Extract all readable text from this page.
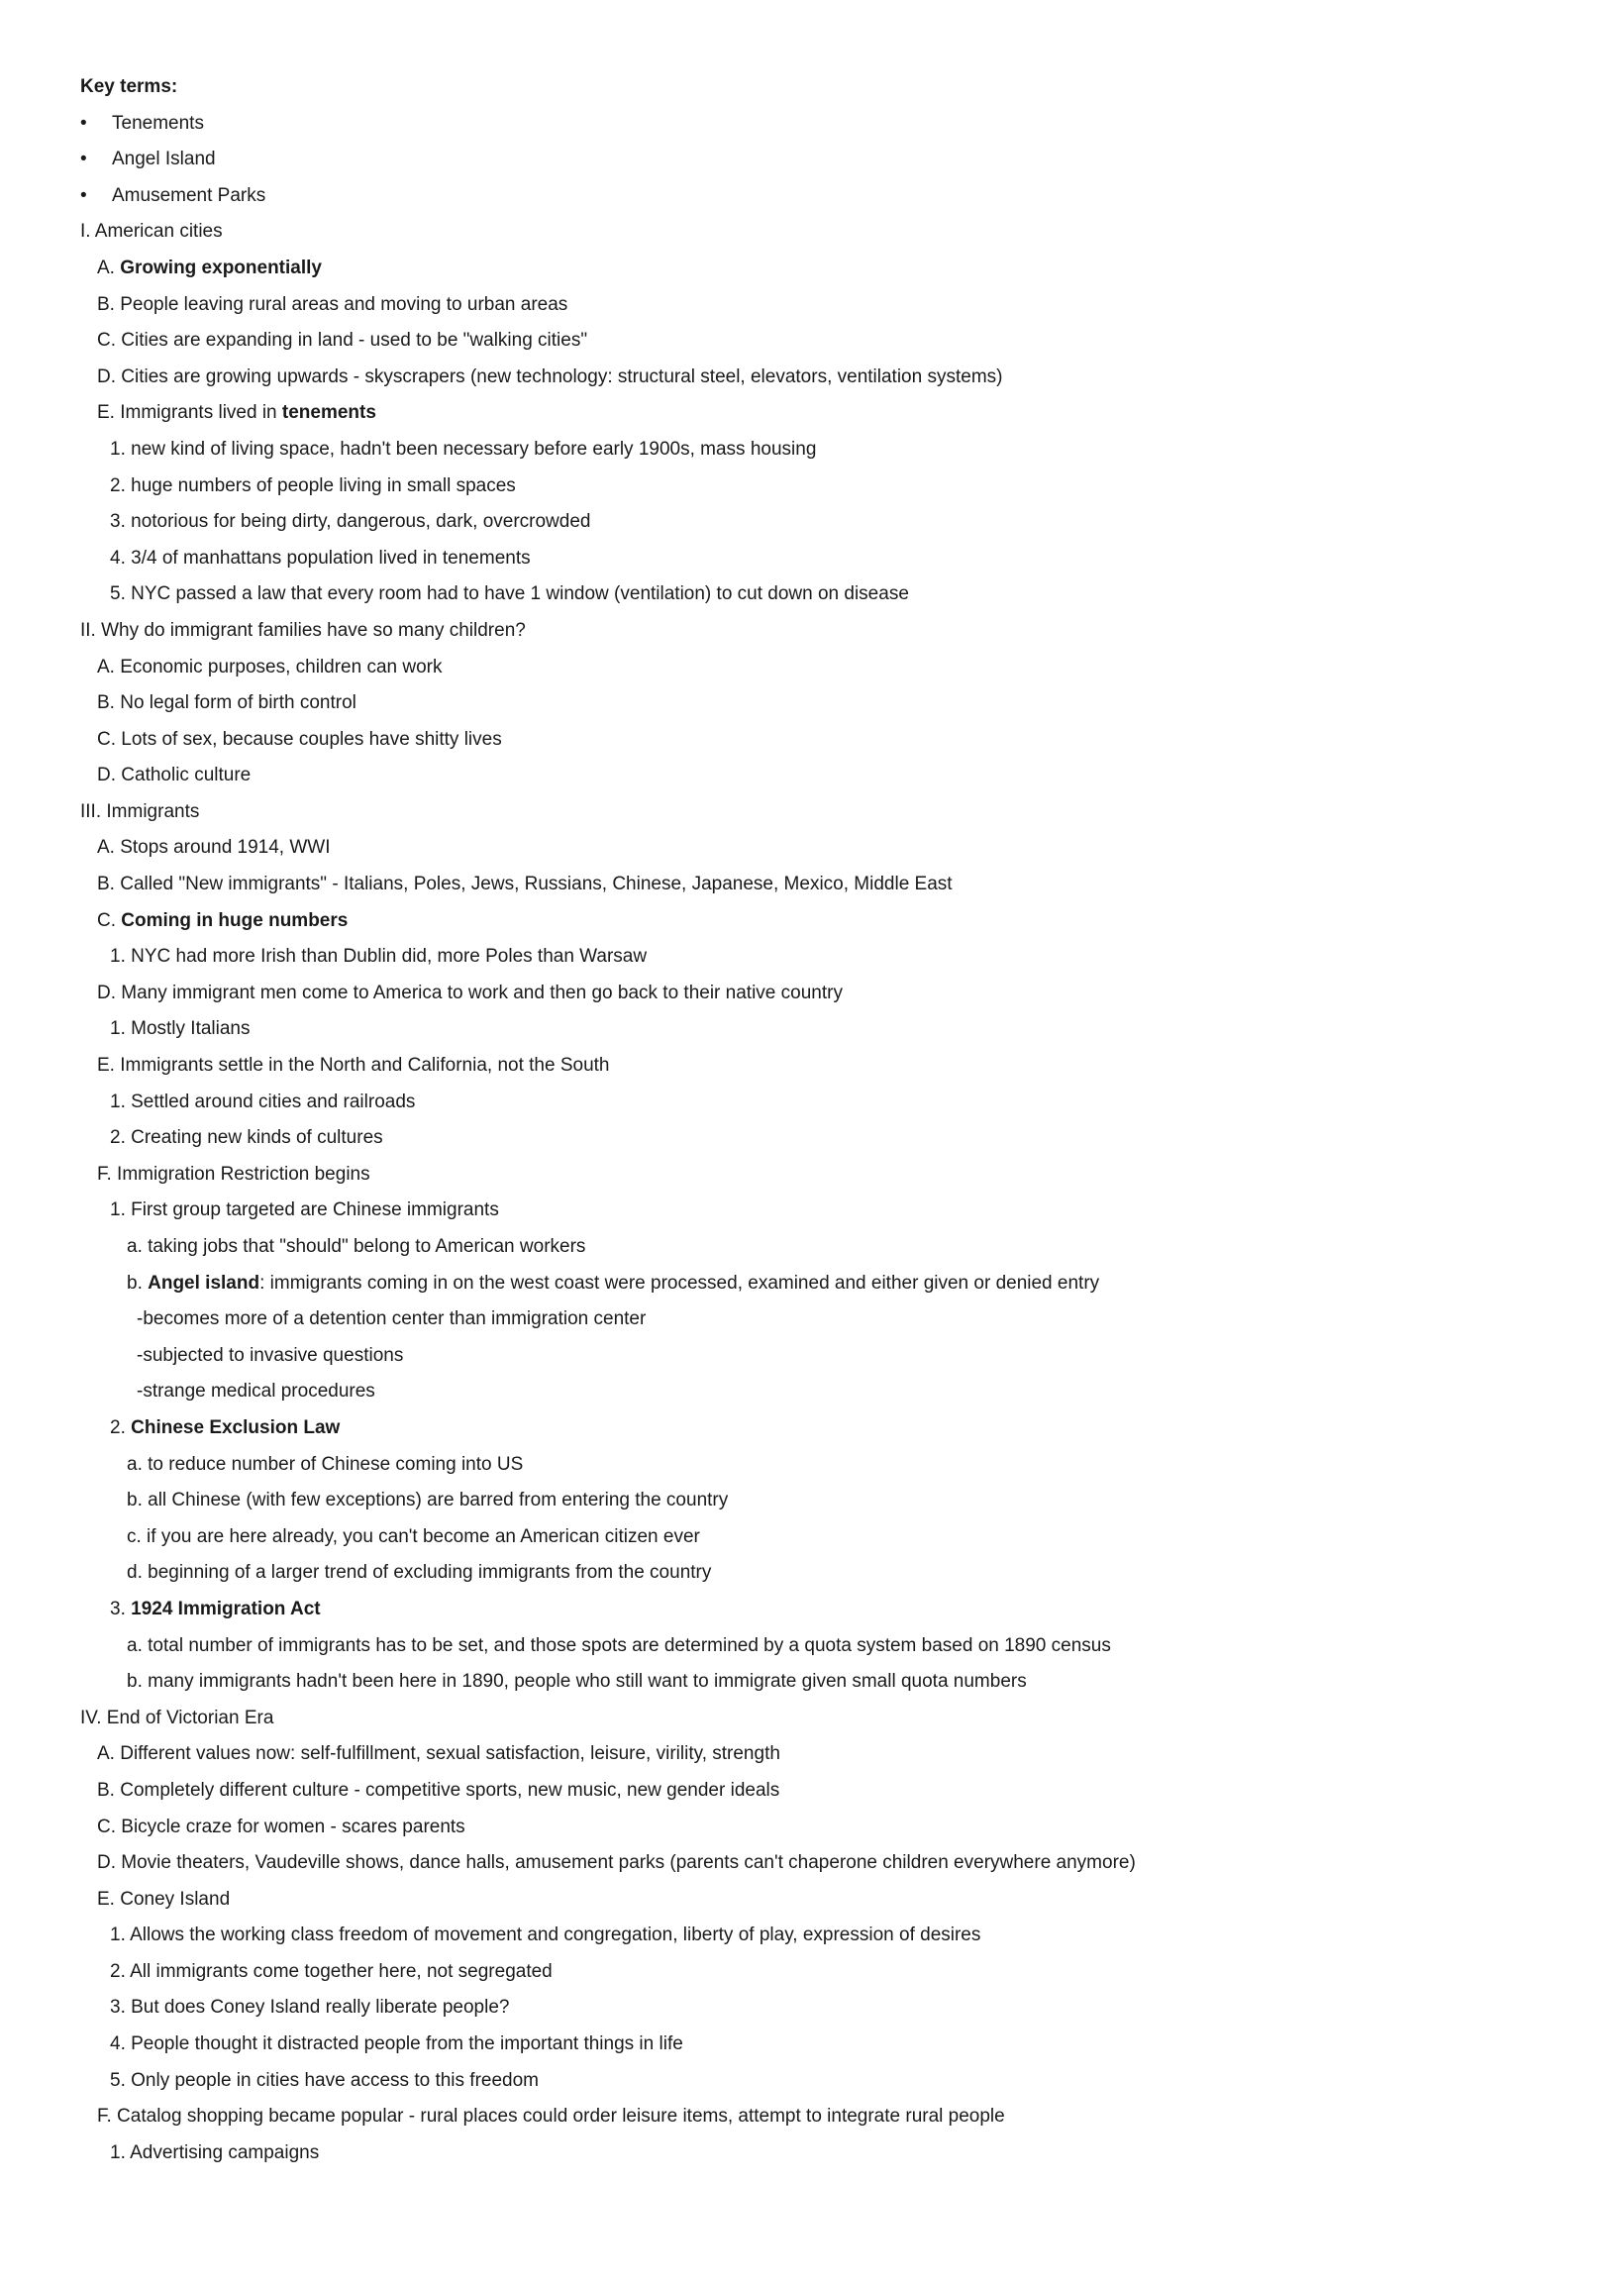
Key terms:
• Tenements
• Angel Island
• Amusement Parks
I. American cities
A. Growing exponentially
B. People leaving rural areas and moving to urban areas
C. Cities are expanding in land - used to be "walking cities"
D. Cities are growing upwards - skyscrapers (new technology: structural steel, elevators, ventilation systems)
E. Immigrants lived in tenements
1. new kind of living space, hadn't been necessary before early 1900s, mass housing
2. huge numbers of people living in small spaces
3. notorious for being dirty, dangerous, dark, overcrowded
4. 3/4 of manhattans population lived in tenements
5. NYC passed a law that every room had to have 1 window (ventilation) to cut down on disease
II. Why do immigrant families have so many children?
A. Economic purposes, children can work
B. No legal form of birth control
C. Lots of sex, because couples have shitty lives
D. Catholic culture
III. Immigrants
A. Stops around 1914, WWI
B. Called "New immigrants" - Italians, Poles, Jews, Russians, Chinese, Japanese, Mexico, Middle East
C. Coming in huge numbers
1. NYC had more Irish than Dublin did, more Poles than Warsaw
D. Many immigrant men come to America to work and then go back to their native country
1. Mostly Italians
E. Immigrants settle in the North and California, not the South
1. Settled around cities and railroads
2. Creating new kinds of cultures
F. Immigration Restriction begins
1. First group targeted are Chinese immigrants
a. taking jobs that "should" belong to American workers
b. Angel island: immigrants coming in on the west coast were processed, examined and either given or denied entry
-becomes more of a detention center than immigration center
-subjected to invasive questions
-strange medical procedures
2. Chinese Exclusion Law
a. to reduce number of Chinese coming into US
b. all Chinese (with few exceptions) are barred from entering the country
c. if you are here already, you can't become an American citizen ever
d. beginning of a larger trend of excluding immigrants from the country
3. 1924 Immigration Act
a. total number of immigrants has to be set, and those spots are determined by a quota system based on 1890 census
b. many immigrants hadn't been here in 1890, people who still want to immigrate given small quota numbers
IV. End of Victorian Era
A. Different values now: self-fulfillment, sexual satisfaction, leisure, virility, strength
B. Completely different culture - competitive sports, new music, new gender ideals
C. Bicycle craze for women - scares parents
D. Movie theaters, Vaudeville shows, dance halls, amusement parks (parents can't chaperone children everywhere anymore)
E. Coney Island
1. Allows the working class freedom of movement and congregation, liberty of play, expression of desires
2. All immigrants come together here, not segregated
3. But does Coney Island really liberate people?
4. People thought it distracted people from the important things in life
5. Only people in cities have access to this freedom
F. Catalog shopping became popular - rural places could order leisure items, attempt to integrate rural people
1. Advertising campaigns
